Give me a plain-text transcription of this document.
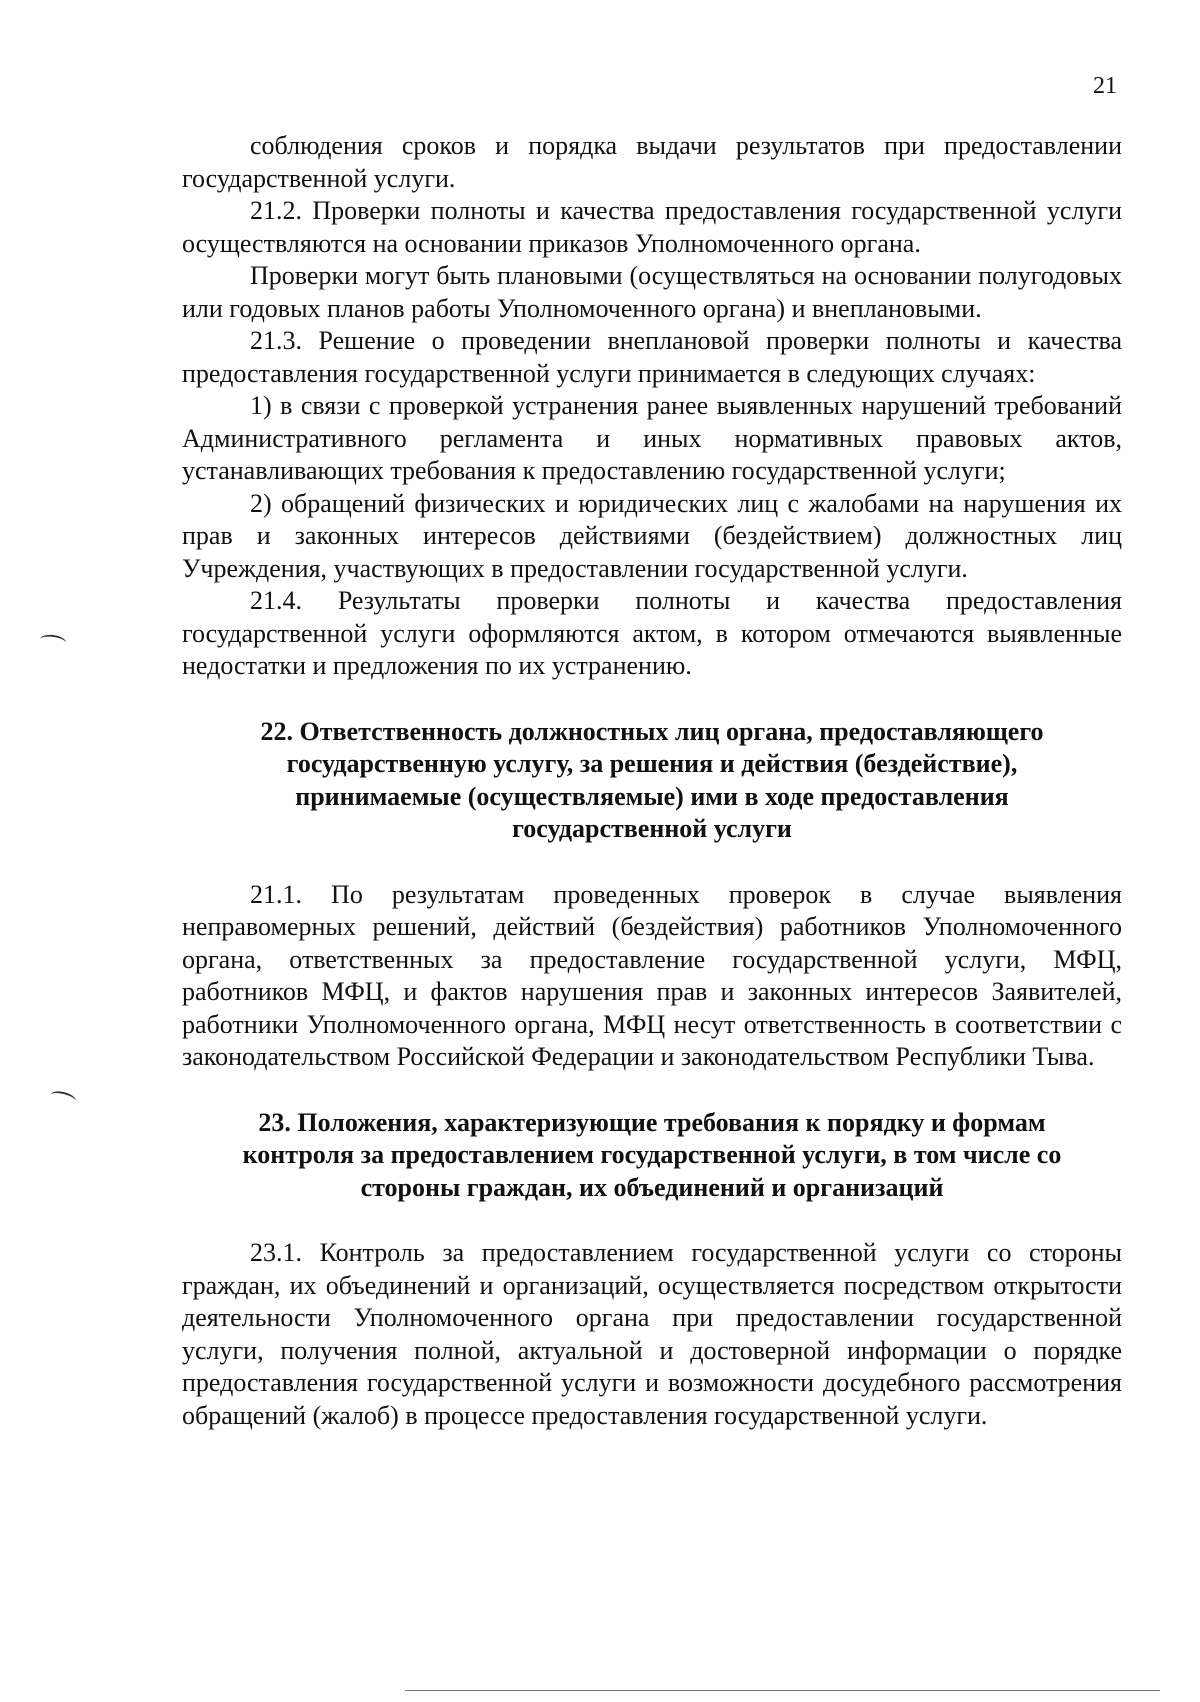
21

соблюдения сроков и порядка выдачи результатов при предоставлении государственной услуги.

21.2. Проверки полноты и качества предоставления государственной услуги осуществляются на основании приказов Уполномоченного органа.

Проверки могут быть плановыми (осуществляться на основании полугодовых или годовых планов работы Уполномоченного органа) и внеплановыми.

21.3. Решение о проведении внеплановой проверки полноты и качества предоставления государственной услуги принимается в следующих случаях:

1) в связи с проверкой устранения ранее выявленных нарушений требований Административного регламента и иных нормативных правовых актов, устанавливающих требования к предоставлению государственной услуги;

2) обращений физических и юридических лиц с жалобами на нарушения их прав и законных интересов действиями (бездействием) должностных лиц Учреждения, участвующих в предоставлении государственной услуги.

21.4. Результаты проверки полноты и качества предоставления государственной услуги оформляются актом, в котором отмечаются выявленные недостатки и предложения по их устранению.

22. Ответственность должностных лиц органа, предоставляющего
государственную услугу, за решения и действия (бездействие),
принимаемые (осуществляемые) ими в ходе предоставления
государственной услуги

21.1. По результатам проведенных проверок в случае выявления неправомерных решений, действий (бездействия) работников Уполномоченного органа, ответственных за предоставление государственной услуги, МФЦ, работников МФЦ, и фактов нарушения прав и законных интересов Заявителей, работники Уполномоченного органа, МФЦ несут ответственность в соответствии с законодательством Российской Федерации и законодательством Республики Тыва.

23. Положения, характеризующие требования к порядку и формам
контроля за предоставлением государственной услуги, в том числе со
стороны граждан, их объединений и организаций

23.1. Контроль за предоставлением государственной услуги со стороны граждан, их объединений и организаций, осуществляется посредством открытости деятельности Уполномоченного органа при предоставлении государственной услуги, получения полной, актуальной и достоверной информации о порядке предоставления государственной услуги и возможности досудебного рассмотрения обращений (жалоб) в процессе предоставления государственной услуги.
